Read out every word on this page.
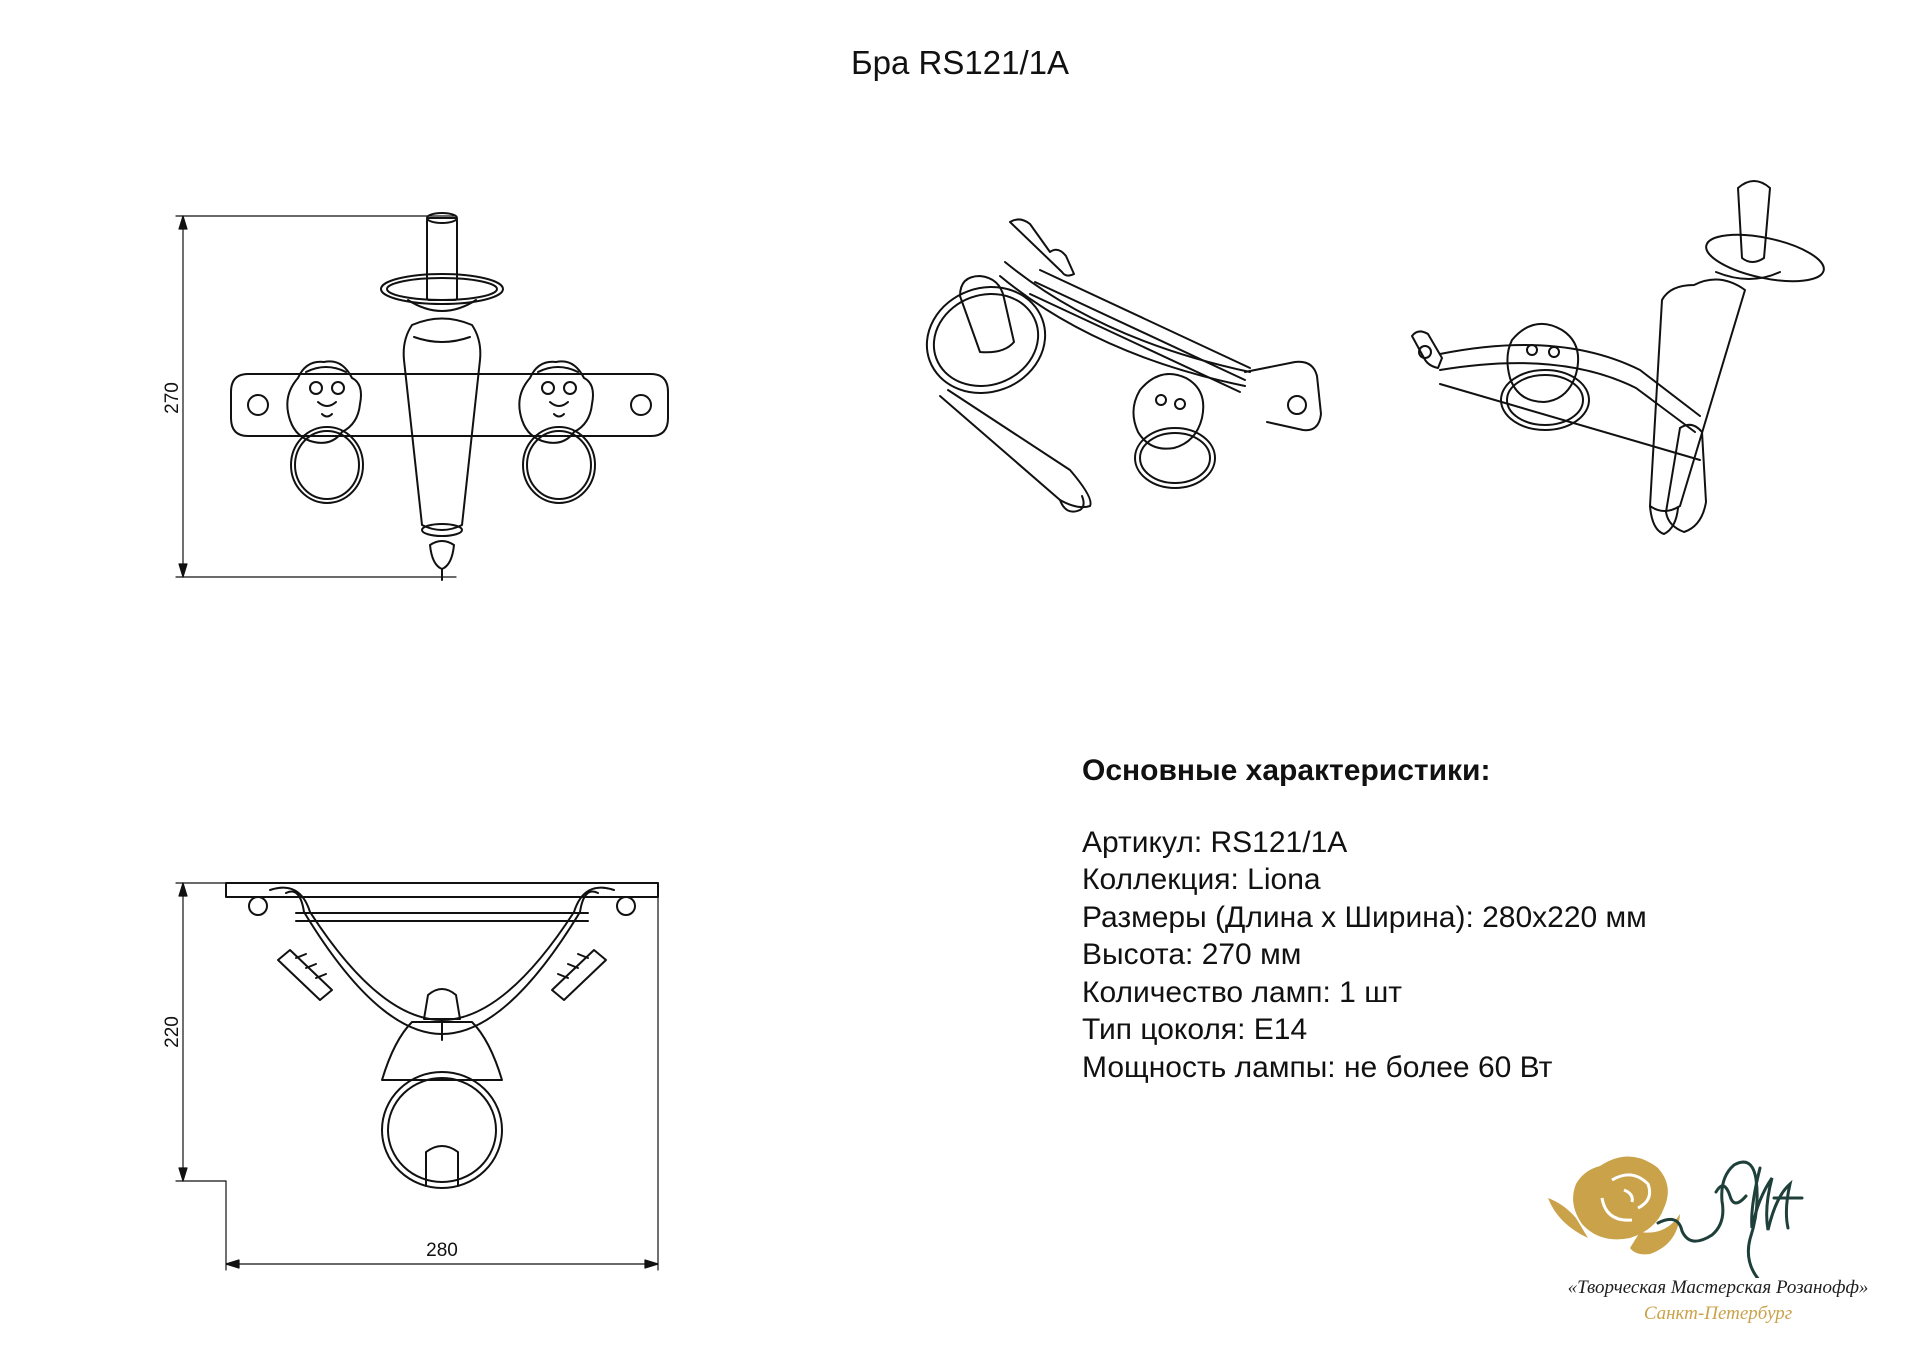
Бра RS121/1A
270
220
280
Основные характеристики:
Артикул: RS121/1A
Коллекция: Liona
Размеры (Длина х Ширина): 280х220 мм
Высота: 270 мм
Количество ламп: 1 шт
Тип цоколя: E14
Мощность лампы: не более 60 Вт
«Творческая Мастерская Розанофф»
Санкт-Петербург
